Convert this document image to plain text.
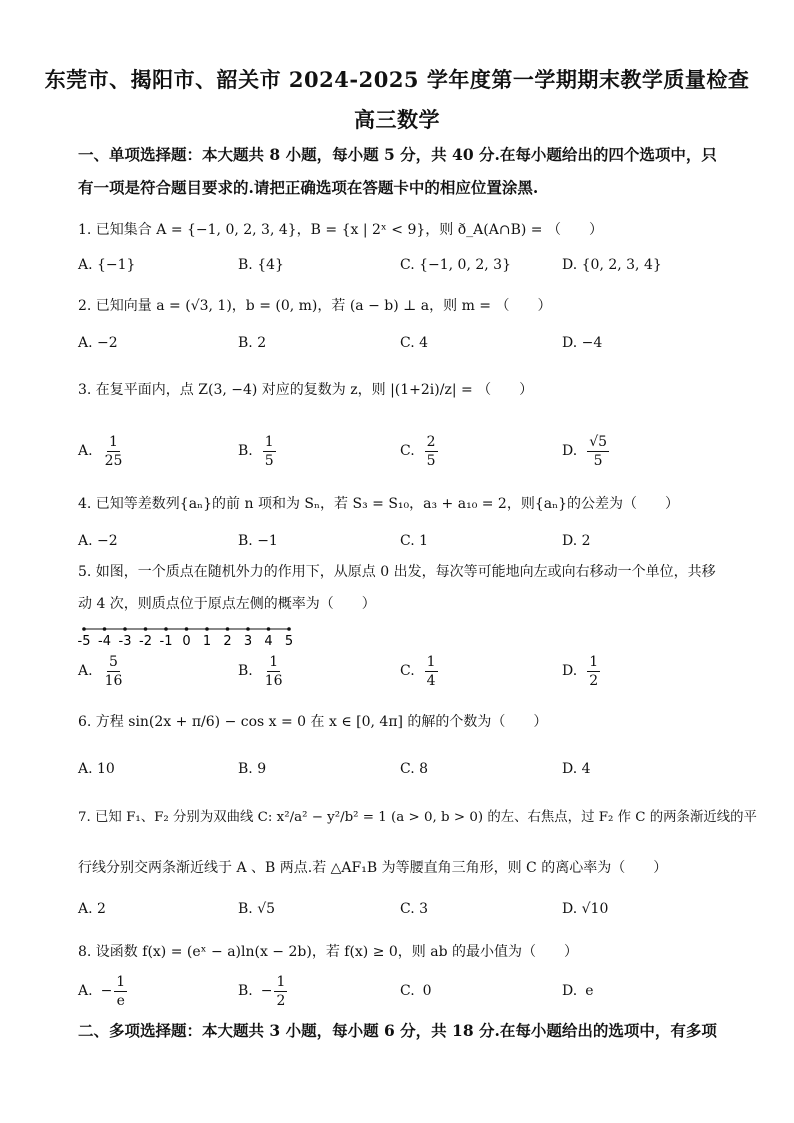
东莞市、揭阳市、韶关市 2024-2025 学年度第一学期期末教学质量检查
高三数学
一、单项选择题：本大题共 8 小题，每小题 5 分，共 40 分.在每小题给出的四个选项中，只
有一项是符合题目要求的.请把正确选项在答题卡中的相应位置涂黑.
1. 已知集合 A = {−1, 0, 2, 3, 4}，B = {x | 2ˣ < 9}，则 ð_A(A∩B) = （　　）
A. {−1}	B. {4}	C. {−1, 0, 2, 3}	D. {0, 2, 3, 4}
2. 已知向量 a = (√3, 1)，b = (0, m)，若 (a − b) ⊥ a，则 m = （　　）
A. −2	B. 2	C. 4	D. −4
3. 在复平面内，点 Z(3, −4) 对应的复数为 z，则 |(1+2i)/z| = （　　）
A. $\frac{1}{25}$	B. $\frac{1}{5}$	C. $\frac{2}{5}$	D. $\frac{√5}{5}$
4. 已知等差数列{aₙ}的前 n 项和为 Sₙ，若 S₃ = S₁₀，a₃ + a₁₀ = 2，则{aₙ}的公差为（　　）
A. −2	B. −1	C. 1	D. 2
5. 如图，一个质点在随机外力的作用下，从原点 0 出发，每次等可能地向左或向右移动一个单位，共移
动 4 次，则质点位于原点左侧的概率为（　　）
-5 -4 -3 -2 -1 0 1 2 3 4 5
A. $\frac{5}{16}$	B. $\frac{1}{16}$	C. $\frac{1}{4}$	D. $\frac{1}{2}$
6. 方程 sin(2x + π/6) − cos x = 0 在 x ∈ [0, 4π] 的解的个数为（　　）
A. 10	B. 9	C. 8	D. 4
7. 已知 F₁、F₂ 分别为双曲线 C: x²/a² − y²/b² = 1 (a > 0, b > 0) 的左、右焦点，过 F₂ 作 C 的两条渐近线的平
行线分别交两条渐近线于 A 、B 两点.若 △AF₁B 为等腰直角三角形，则 C 的离心率为（　　）
A. 2	B. √5	C. 3	D. √10
8. 设函数 f(x) = (eˣ − a)ln(x − 2b)，若 f(x) ≥ 0，则 ab 的最小值为（　　）
A. − $\frac{1}{e}$	B. − $\frac{1}{2}$	C. 0	D. e
二、多项选择题：本大题共 3 小题，每小题 6 分，共 18 分.在每小题给出的选项中，有多项
